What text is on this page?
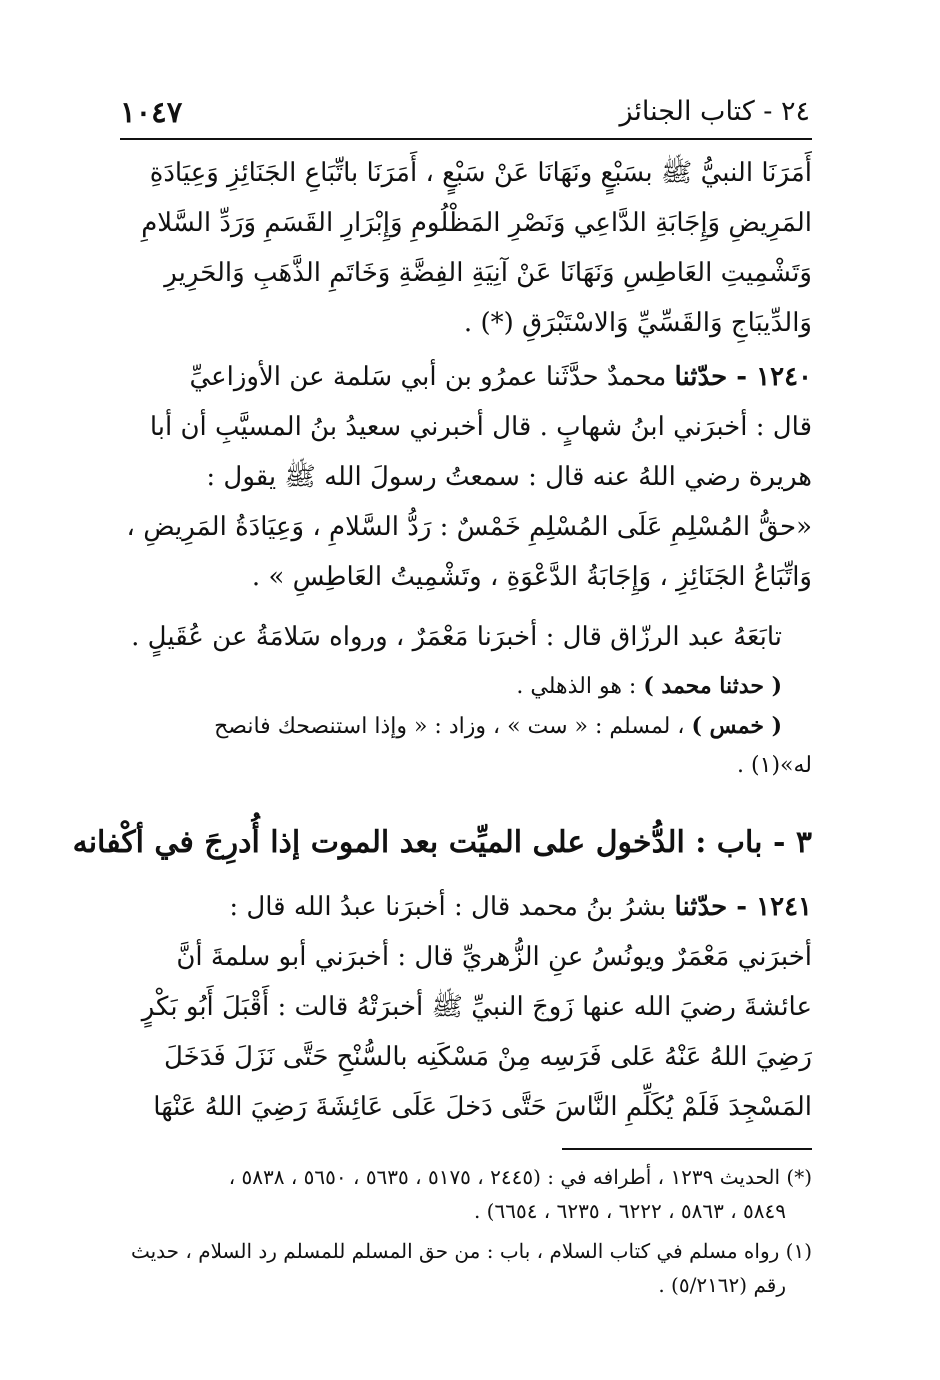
٢٤ - كتاب الجنائز
١٠٤٧
أَمَرَنَا النبيُّ ﷺ بسَبْعٍ ونَهَانَا عَنْ سَبْعٍ ، أَمَرَنَا باتِّبَاعِ الجَنَائِزِ وَعِيَادَةِ
المَرِيضِ وَإِجَابَةِ الدَّاعِي وَنَصْرِ المَظْلُومِ وَإِبْرَارِ القَسَمِ وَرَدِّ السَّلامِ
وَتَشْمِيتِ العَاطِسِ وَنَهَانَا عَنْ آنِيَةِ الفِضَّةِ وَخَاتَمِ الذَّهَبِ وَالحَرِيرِ
وَالدِّيبَاجِ وَالقَسِّيِّ وَالاسْتَبْرَقِ (*) .
١٢٤٠ - حدّثنا محمدٌ حدَّثَنا عمرُو بن أبي سَلمة عن الأوزاعيِّ
قال : أخبرَني ابنُ شهابٍ . قال أخبرني سعيدُ بنُ المسيَّبِ أن أبا
هريرة رضي اللهُ عنه قال : سمعتُ رسولَ الله ﷺ يقول :
«حقُّ المُسْلِمِ عَلَى المُسْلِمِ خَمْسٌ : رَدُّ السَّلامِ ، وَعِيَادَةُ المَرِيضِ ،
وَاتِّبَاعُ الجَنَائِزِ ، وَإِجَابَةُ الدَّعْوَةِ ، وتَشْمِيتُ العَاطِسِ » .
تابَعَهُ عبد الرزّاق قال : أخبرَنا مَعْمَرٌ ، ورواه سَلامَةُ عن عُقَيلٍ .
( حدثنا محمد ) : هو الذهلي .
( خمس ) ، لمسلم : « ست » ، وزاد : « وإذا استنصحك فانصح
له»(١) .
٣ - باب : الدُّخول على الميِّت بعد الموت إذا أُدرِجَ في أكْفانه
١٢٤١ - حدّثنا بشرُ بنُ محمد قال : أخبرَنا عبدُ الله قال :
أخبرَني مَعْمَرٌ ويونُسُ عنِ الزُّهريِّ قال : أخبرَني أبو سلمةَ أنَّ
عائشةَ رضيَ الله عنها زَوجَ النبيِّ ﷺ أخبرَتْهُ قالت : أَقْبَلَ أَبُو بَكْرٍ
رَضِيَ اللهُ عَنْهُ عَلى فَرَسِه مِنْ مَسْكَنِه بالسُّنْحِ حَتَّى نَزَلَ فَدَخَلَ
المَسْجِدَ فَلَمْ يُكَلِّمِ النَّاسَ حَتَّى دَخلَ عَلَى عَائِشَةَ رَضِيَ اللهُ عَنْهَا
(*) الحديث ١٢٣٩ ، أطرافه في : (٢٤٤٥ ، ٥١٧٥ ، ٥٦٣٥ ، ٥٦٥٠ ، ٥٨٣٨ ،
٥٨٤٩ ، ٥٨٦٣ ، ٦٢٢٢ ، ٦٢٣٥ ، ٦٦٥٤) .
(١) رواه مسلم في كتاب السلام ، باب : من حق المسلم للمسلم رد السلام ، حديث
رقم (٥/٢١٦٢) .
